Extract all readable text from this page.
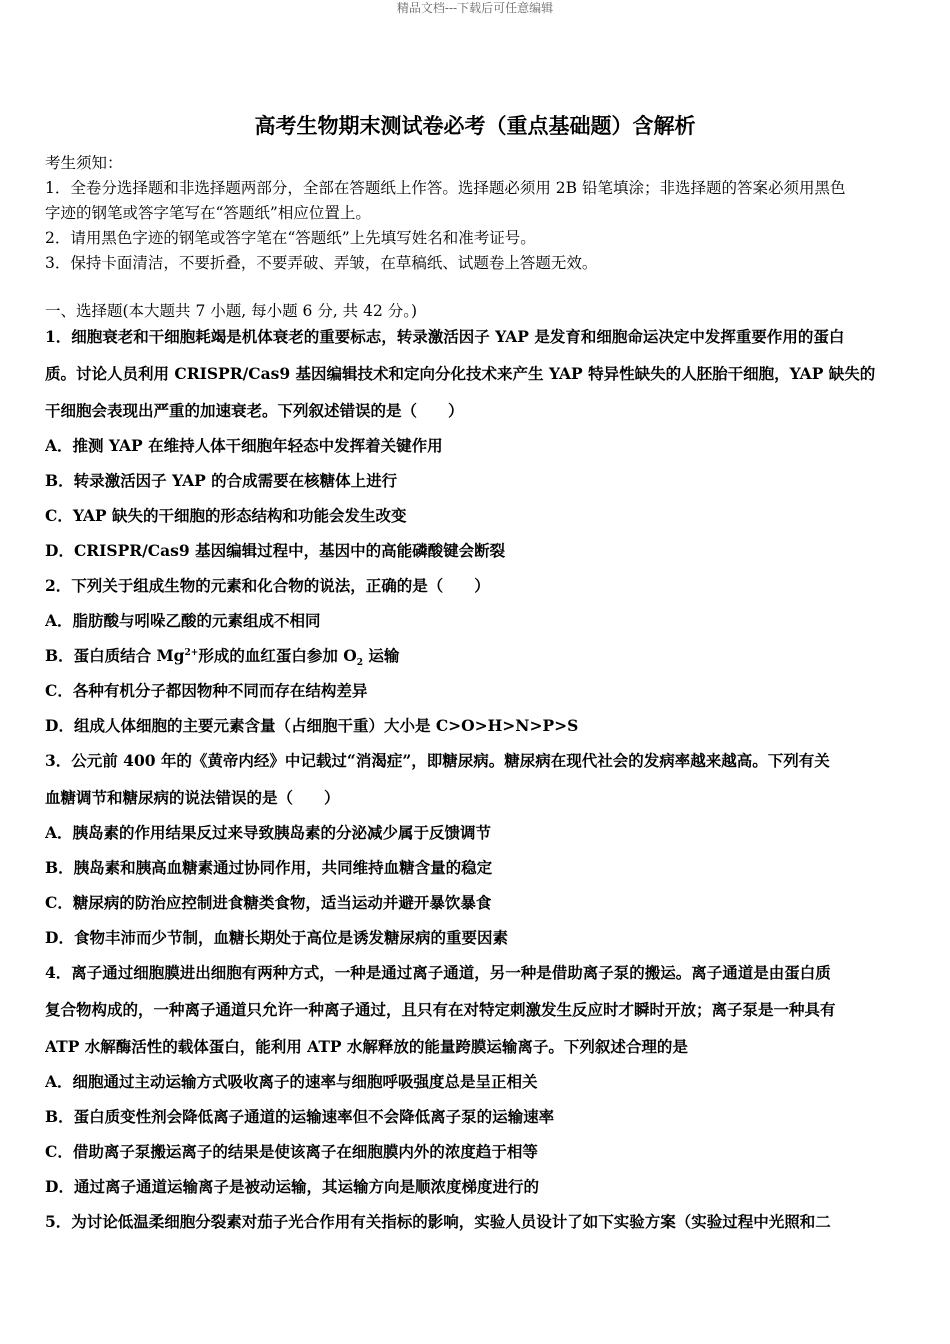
精品文档---下载后可任意编辑
高考生物期末测试卷必考（重点基础题）含解析
考生须知：
1．全卷分选择题和非选择题两部分，全部在答题纸上作答。选择题必须用 2B 铅笔填涂；非选择题的答案必须用黑色
字迹的钢笔或答字笔写在“答题纸”相应位置上。
2．请用黑色字迹的钢笔或答字笔在“答题纸”上先填写姓名和准考证号。
3．保持卡面清洁，不要折叠，不要弄破、弄皱，在草稿纸、试题卷上答题无效。
一、选择题(本大题共 7 小题, 每小题 6 分, 共 42 分。)
1．细胞衰老和干细胞耗竭是机体衰老的重要标志，转录激活因子 YAP 是发育和细胞命运决定中发挥重要作用的蛋白
质。讨论人员利用 CRISPR/Cas9 基因编辑技术和定向分化技术来产生 YAP 特异性缺失的人胚胎干细胞，YAP 缺失的
干细胞会表现出严重的加速衰老。下列叙述错误的是（　　）
A．推测 YAP 在维持人体干细胞年轻态中发挥着关键作用
B．转录激活因子 YAP 的合成需要在核糖体上进行
C．YAP 缺失的干细胞的形态结构和功能会发生改变
D．CRISPR/Cas9 基因编辑过程中，基因中的高能磷酸键会断裂
2．下列关于组成生物的元素和化合物的说法，正确的是（　　）
A．脂肪酸与吲哚乙酸的元素组成不相同
B．蛋白质结合 $Mg^{2+}$形成的血红蛋白参加 $O_2$ 运输
C．各种有机分子都因物种不同而存在结构差异
D．组成人体细胞的主要元素含量（占细胞干重）大小是 C>O>H>N>P>S
3．公元前 400 年的《黄帝内经》中记载过“消渴症”，即糖尿病。糖尿病在现代社会的发病率越来越高。下列有关
血糖调节和糖尿病的说法错误的是（　　）
A．胰岛素的作用结果反过来导致胰岛素的分泌减少属于反馈调节
B．胰岛素和胰高血糖素通过协同作用，共同维持血糖含量的稳定
C．糖尿病的防治应控制进食糖类食物，适当运动并避开暴饮暴食
D．食物丰沛而少节制，血糖长期处于高位是诱发糖尿病的重要因素
4．离子通过细胞膜进出细胞有两种方式，一种是通过离子通道，另一种是借助离子泵的搬运。离子通道是由蛋白质
复合物构成的，一种离子通道只允许一种离子通过，且只有在对特定刺激发生反应时才瞬时开放；离子泵是一种具有
ATP 水解酶活性的载体蛋白，能利用 ATP 水解释放的能量跨膜运输离子。下列叙述合理的是
A．细胞通过主动运输方式吸收离子的速率与细胞呼吸强度总是呈正相关
B．蛋白质变性剂会降低离子通道的运输速率但不会降低离子泵的运输速率
C．借助离子泵搬运离子的结果是使该离子在细胞膜内外的浓度趋于相等
D．通过离子通道运输离子是被动运输，其运输方向是顺浓度梯度进行的
5．为讨论低温柔细胞分裂素对茄子光合作用有关指标的影响，实验人员设计了如下实验方案（实验过程中光照和二
